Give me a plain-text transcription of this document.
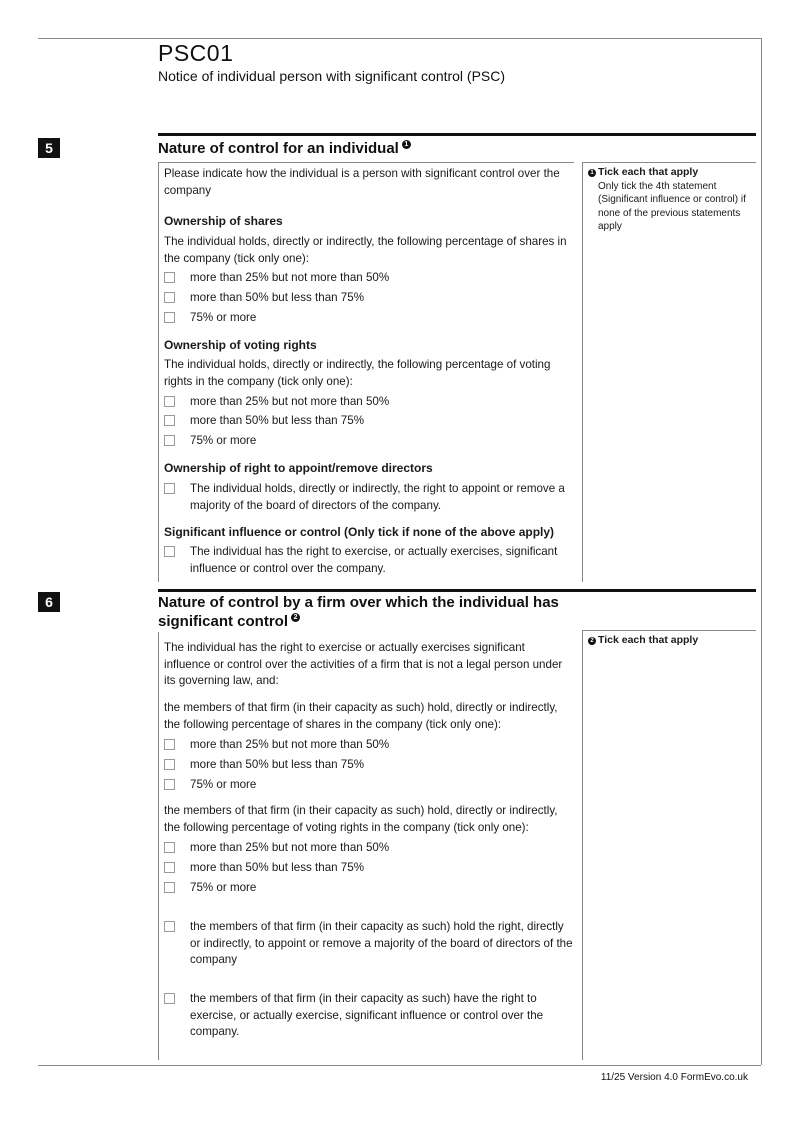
PSC01
Notice of individual person with significant control (PSC)
5	Nature of control for an individual 1
Please indicate how the individual is a person with significant control over the company
Ownership of shares
The individual holds, directly or indirectly, the following percentage of shares in the company (tick only one):
more than 25% but not more than 50%
more than 50% but less than 75%
75% or more
Ownership of voting rights
The individual holds, directly or indirectly, the following percentage of voting rights in the company (tick only one):
more than 25% but not more than 50%
more than 50% but less than 75%
75% or more
Ownership of right to appoint/remove directors
The individual holds, directly or indirectly, the right to appoint or remove a majority of the board of directors of the company.
Significant influence or control (Only tick if none of the above apply)
The individual has the right to exercise, or actually exercises, significant influence or control over the company.
1 Tick each that apply
Only tick the 4th statement (Significant influence or control) if none of the previous statements apply
6	Nature of control by a firm over which the individual has
significant control 2
The individual has the right to exercise or actually exercises significant influence or control over the activities of a firm that is not a legal person under its governing law, and:
the members of that firm (in their capacity as such) hold, directly or indirectly, the following percentage of shares in the company (tick only one):
more than 25% but not more than 50%
more than 50% but less than 75%
75% or more
the members of that firm (in their capacity as such) hold, directly or indirectly, the following percentage of voting rights in the company (tick only one):
more than 25% but not more than 50%
more than 50% but less than 75%
75% or more
the members of that firm (in their capacity as such) hold the right, directly or indirectly, to appoint or remove a majority of the board of directors of the company
the members of that firm (in their capacity as such) have the right to exercise, or actually exercise, significant influence or control over the company.
2 Tick each that apply
11/25 Version 4.0 FormEvo.co.uk
